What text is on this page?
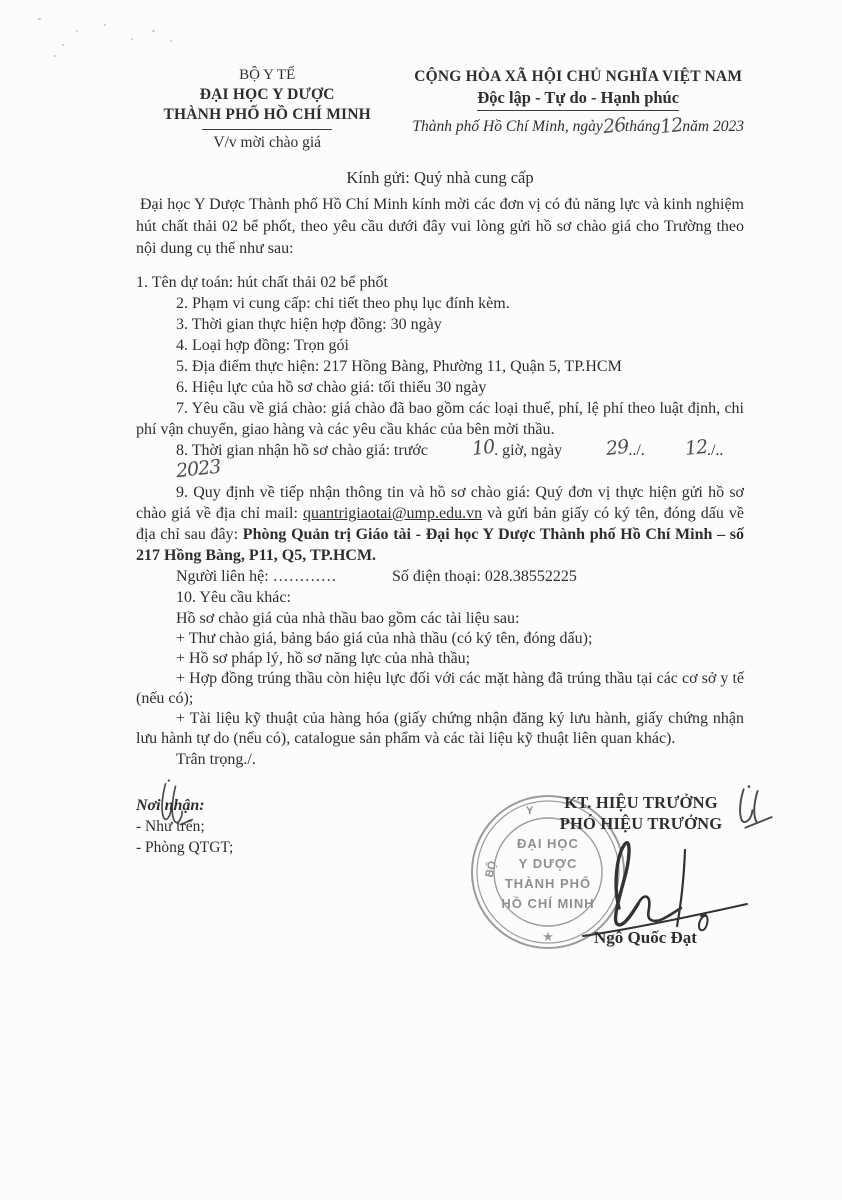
BỘ Y TẾ
ĐẠI HỌC Y DƯỢC
THÀNH PHỐ HỒ CHÍ MINH
V/v mời chào giá
CỘNG HÒA XÃ HỘI CHỦ NGHĨA VIỆT NAM
Độc lập - Tự do - Hạnh phúc
Thành phố Hồ Chí Minh, ngày26tháng12năm 2023
Kính gửi: Quý nhà cung cấp

Đại học Y Dược Thành phố Hồ Chí Minh kính mời các đơn vị có đủ năng lực và kinh nghiệm hút chất thải 02 bể phốt, theo yêu cầu dưới đây vui lòng gửi hồ sơ chào giá cho Trường theo nội dung cụ thể như sau:

1. Tên dự toán: hút chất thải 02 bể phốt

2. Phạm vi cung cấp: chi tiết theo phụ lục đính kèm.

3. Thời gian thực hiện hợp đồng: 30 ngày

4. Loại hợp đồng: Trọn gói

5. Địa điểm thực hiện: 217 Hồng Bàng, Phường 11, Quận 5, TP.HCM

6. Hiệu lực của hồ sơ chào giá: tối thiểu 30 ngày

7. Yêu cầu về giá chào: giá chào đã bao gồm các loại thuế, phí, lệ phí theo luật định, chi phí vận chuyển, giao hàng và các yêu cầu khác của bên mời thầu.

8. Thời gian nhận hồ sơ chào giá: trước 10. giờ, ngày 29../. 12./..2023

9. Quy định về tiếp nhận thông tin và hồ sơ chào giá: Quý đơn vị thực hiện gửi hồ sơ chào giá về địa chỉ mail: quantrigiaotai@ump.edu.vn và gửi bản giấy có ký tên, đóng dấu về địa chỉ sau đây: Phòng Quản trị Giáo tài - Đại học Y Dược Thành phố Hồ Chí Minh – số 217 Hồng Bàng, P11, Q5, TP.HCM.

Người liên hệ: …………	Số điện thoại: 028.38552225

10. Yêu cầu khác:

Hồ sơ chào giá của nhà thầu bao gồm các tài liệu sau:

+ Thư chào giá, bảng báo giá của nhà thầu (có ký tên, đóng dấu);

+ Hồ sơ pháp lý, hồ sơ năng lực của nhà thầu;

+ Hợp đồng trúng thầu còn hiệu lực đối với các mặt hàng đã trúng thầu tại các cơ sở y tế (nếu có);

+ Tài liệu kỹ thuật của hàng hóa (giấy chứng nhận đăng ký lưu hành, giấy chứng nhận lưu hành tự do (nếu có), catalogue sản phẩm và các tài liệu kỹ thuật liên quan khác).

Trân trọng./.
Nơi nhận:
- Như trên;
- Phòng QTGT;
BỘ
Y
ĐẠI HỌC
Y DƯỢC
THÀNH PHỐ
HỒ CHÍ MINH
★
KT. HIỆU TRƯỞNG
PHÓ HIỆU TRƯỞNG
Ngô Quốc Đạt
